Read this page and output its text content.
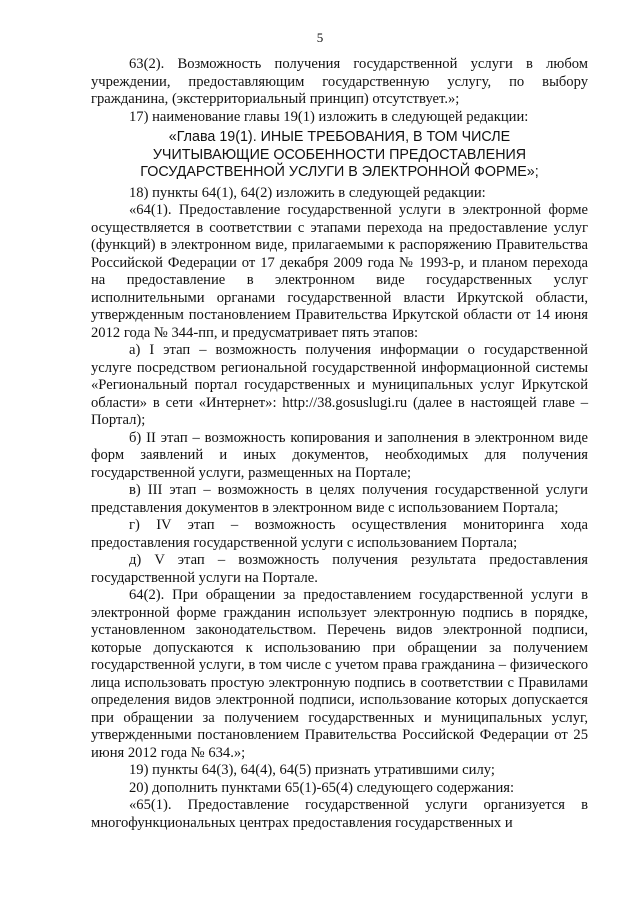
5

63(2). Возможность получения государственной услуги в любом учреждении, предоставляющим государственную услугу, по выбору гражданина, (экстерриториальный принцип) отсутствует.»;

17) наименование главы 19(1) изложить в следующей редакции:

«Глава 19(1). ИНЫЕ ТРЕБОВАНИЯ, В ТОМ ЧИСЛЕ
УЧИТЫВАЮЩИЕ ОСОБЕННОСТИ ПРЕДОСТАВЛЕНИЯ
ГОСУДАРСТВЕННОЙ УСЛУГИ В ЭЛЕКТРОННОЙ ФОРМЕ»;

18) пункты 64(1), 64(2) изложить в следующей редакции:

«64(1). Предоставление государственной услуги в электронной форме осуществляется в соответствии с этапами перехода на предоставление услуг (функций) в электронном виде, прилагаемыми к распоряжению Правительства Российской Федерации от 17 декабря 2009 года № 1993-р, и планом перехода на предоставление в электронном виде государственных услуг исполнительными органами государственной власти Иркутской области, утвержденным постановлением Правительства Иркутской области от 14 июня 2012 года № 344-пп, и предусматривает пять этапов:

а) I этап – возможность получения информации о государственной услуге посредством региональной государственной информационной системы «Региональный портал государственных и муниципальных услуг Иркутской области» в сети «Интернет»: http://38.gosuslugi.ru (далее в настоящей главе – Портал);

б) II этап – возможность копирования и заполнения в электронном виде форм заявлений и иных документов, необходимых для получения государственной услуги, размещенных на Портале;

в) III этап – возможность в целях получения государственной услуги представления документов в электронном виде с использованием Портала;

г) IV этап – возможность осуществления мониторинга хода предоставления государственной услуги с использованием Портала;

д) V этап – возможность получения результата предоставления государственной услуги на Портале.

64(2). При обращении за предоставлением государственной услуги в электронной форме гражданин использует электронную подпись в порядке, установленном законодательством. Перечень видов электронной подписи, которые допускаются к использованию при обращении за получением государственной услуги, в том числе с учетом права гражданина – физического лица использовать простую электронную подпись в соответствии с Правилами определения видов электронной подписи, использование которых допускается при обращении за получением государственных и муниципальных услуг, утвержденными постановлением Правительства Российской Федерации от 25 июня 2012 года № 634.»;

19) пункты 64(3), 64(4), 64(5) признать утратившими силу;

20) дополнить пунктами 65(1)-65(4) следующего содержания:

«65(1). Предоставление государственной услуги организуется в многофункциональных центрах предоставления государственных и
